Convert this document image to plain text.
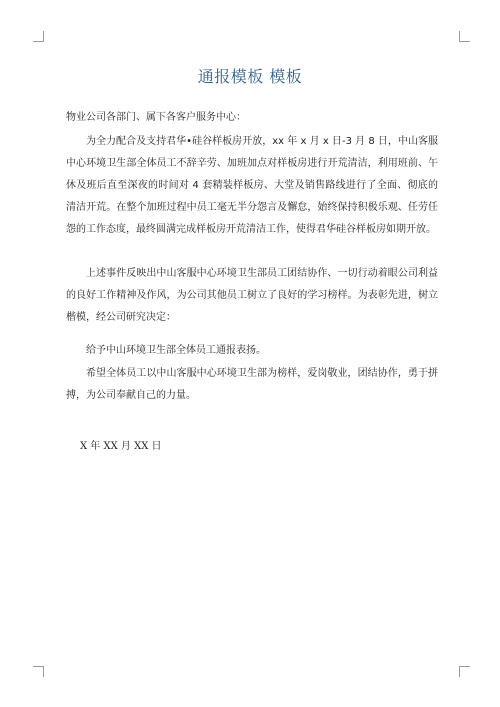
通报模板 模板
物业公司各部门、属下各客户服务中心：
为全力配合及支持君华•硅谷样板房开放，xx 年 x 月 x 日-3 月 8 日，中山客服中心环境卫生部全体员工不辞辛劳、加班加点对样板房进行开荒清洁，利用班前、午休及班后直至深夜的时间对 4 套精装样板房、大堂及销售路线进行了全面、彻底的清洁开荒。在整个加班过程中员工毫无半分怨言及懈怠，始终保持积极乐观、任劳任怨的工作态度，最终圆满完成样板房开荒清洁工作，使得君华硅谷样板房如期开放。
上述事件反映出中山客服中心环境卫生部员工团结协作、一切行动着眼公司利益的良好工作精神及作风，为公司其他员工树立了良好的学习榜样。为表彰先进，树立楷模，经公司研究决定：
给予中山环境卫生部全体员工通报表扬。
希望全体员工以中山客服中心环境卫生部为榜样，爱岗敬业，团结协作，勇于拼搏，为公司奉献自己的力量。
X 年 XX 月 XX 日
